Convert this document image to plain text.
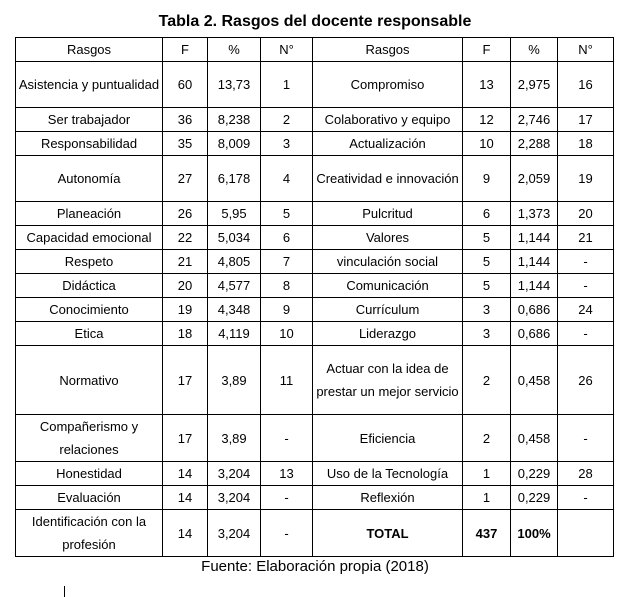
Tabla 2. Rasgos del docente responsable
Rasgos	F	%	N°	Rasgos	F	%	N°
Asistencia y puntualidad	60	13,73	1	Compromiso	13	2,975	16
Ser trabajador	36	8,238	2	Colaborativo y equipo	12	2,746	17
Responsabilidad	35	8,009	3	Actualización	10	2,288	18
Autonomía	27	6,178	4	Creatividad e innovación	9	2,059	19
Planeación	26	5,95	5	Pulcritud	6	1,373	20
Capacidad emocional	22	5,034	6	Valores	5	1,144	21
Respeto	21	4,805	7	vinculación social	5	1,144	-
Didáctica	20	4,577	8	Comunicación	5	1,144	-
Conocimiento	19	4,348	9	Currículum	3	0,686	24
Etica	18	4,119	10	Liderazgo	3	0,686	-
Normativo	17	3,89	11	Actuar con la idea de prestar un mejor servicio	2	0,458	26
Compañerismo y relaciones	17	3,89	-	Eficiencia	2	0,458	-
Honestidad	14	3,204	13	Uso de la Tecnología	1	0,229	28
Evaluación	14	3,204	-	Reflexión	1	0,229	-
Identificación con la profesión	14	3,204	-	TOTAL	437	100%	
Fuente: Elaboración propia (2018)
